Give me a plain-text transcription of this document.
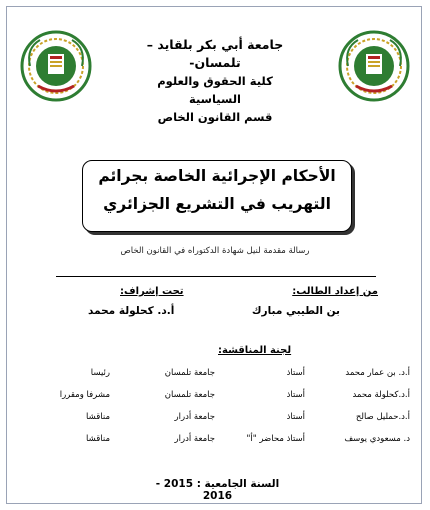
جامعة أبي بكر بلقايد – تلمسان-
كلية الحقوق والعلوم السياسية
قسم القانون الخاص
الأحكام الإجرائية الخاصة بجرائم
التهريب في التشريع الجزائري
رسالة مقدمة لنيل شهادة الدكتوراه في القانون الخاص
من إعداد الطالب:
بن الطيبي مبارك
تحت إشراف:
أ.د. كحلولة محمد
لجنة المناقشة:
أ.د. بن عمار محمد
أستاذ
جامعة تلمسان
رئيسا
أ.د.كحلولة محمد
أستاذ
جامعة تلمسان
مشرفا ومقررا
أ.د.حمليل صالح
أستاذ
جامعة أدرار
مناقشا
د. مسعودي يوسف
أستاذ محاضر "أ"
جامعة أدرار
مناقشا
السنة الجامعية : 2015 - 2016
